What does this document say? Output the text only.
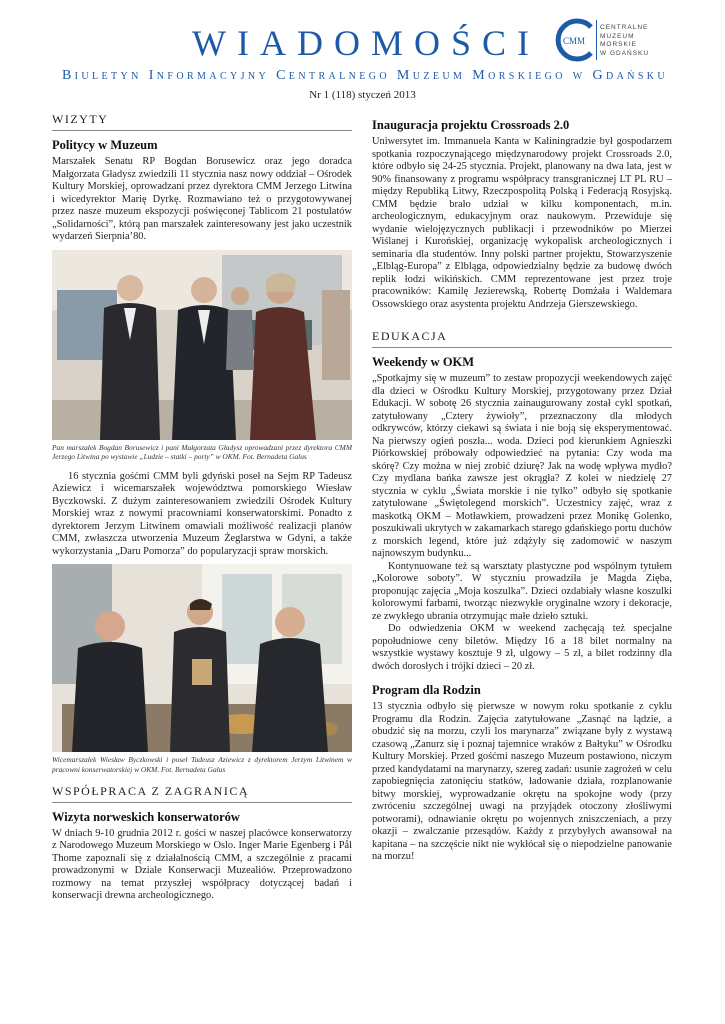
WIADOMOŚCI	CMM
CENTRALNE
MUZEUM
MORSKIE
W GDAŃSKU
Biuletyn Informacyjny Centralnego Muzeum Morskiego w Gdańsku
Nr 1 (118) styczeń 2013
WIZYTY
Politycy w Muzeum

Marszałek Senatu RP Bogdan Borusewicz oraz jego doradca Małgorzata Gładysz zwiedzili 11 stycznia nasz nowy oddział – Ośrodek Kultury Morskiej, oprowadzani przez dyrektora CMM Jerzego Litwina i wicedyrektor Marię Dyrkę. Rozmawiano też o przygotowywanej przez nasze muzeum ekspozycji poświęconej Tablicom 21 postulatów „Solidarności”, którą pan marszałek zainteresowany jest jako uczestnik wydarzeń Sierpnia’80.

Pan marszałek Bogdan Borusewicz i pani Małgorzata Gładysz oprowadzani przez dyrektora CMM Jerzego Litwina po wystawie „Ludzie – statki – porty” w OKM. Fot. Bernadeta Galus

16 stycznia gośćmi CMM byli gdyński poseł na Sejm RP Tadeusz Aziewicz i wicemarszałek województwa pomorskiego Wiesław Byczkowski. Z dużym zainteresowaniem zwiedzili Ośrodek Kultury Morskiej wraz z nowymi pracowniami konserwatorskimi. Ponadto z dyrektorem Jerzym Litwinem omawiali możliwość realizacji planów CMM, zwłaszcza utworzenia Muzeum Żeglarstwa w Gdyni, a także wykorzystania „Daru Pomorza” do popularyzacji spraw morskich.

Wicemarszałek Wiesław Byczkowski i poseł Tadeusz Aziewicz z dyrektorem Jerzym Litwinem w pracowni konserwatorskiej w OKM. Fot. Bernadeta Galus
WSPÓŁPRACA Z ZAGRANICĄ
Wizyta norweskich konserwatorów

W dniach 9-10 grudnia 2012 r. gości w naszej placówce konserwatorzy z Narodowego Muzeum Morskiego w Oslo. Inger Marie Egenberg i Pål Thome zapoznali się z działalnością CMM, a szczególnie z pracami prowadzonymi w Dziale Konserwacji Muzealiów. Przeprowadzono rozmowy na temat przyszłej współpracy dotyczącej badań i konserwacji drewna archeologicznego.

Inauguracja projektu Crossroads 2.0

Uniwersytet im. Immanuela Kanta w Kaliningradzie był gospodarzem spotkania rozpoczynającego międzynarodowy projekt Crossroads 2.0, które odbyło się 24-25 stycznia. Projekt, planowany na dwa lata, jest w 90% finansowany z programu współpracy transgranicznej LT PL RU – między Republiką Litwy, Rzeczpospolitą Polską i Federacją Rosyjską. CMM będzie brało udział w kilku komponentach, m.in. archeologicznym, edukacyjnym oraz naukowym. Przewiduje się wydanie wielojęzycznych publikacji i przewodników po Mierzei Wiślanej i Kurońskiej, organizację wykopalisk archeologicznych i seminaria dla studentów. Inny polski partner projektu, Stowarzyszenie „Elbląg-Europa” z Elbląga, odpowiedzialny będzie za budowę dwóch replik łodzi wikińskich. CMM reprezentowane jest przez troje pracowników: Kamilę Jezierewską, Robertę Domżała i Waldemara Ossowskiego oraz asystenta projektu Andrzeja Gierszewskiego.

EDUKACJA
Weekendy w OKM

„Spotkajmy się w muzeum” to zestaw propozycji weekendowych zajęć dla dzieci w Ośrodku Kultury Morskiej, przygotowany przez Dział Edukacji. W sobotę 26 stycznia zainaugurowany został cykl spotkań, zatytułowany „Cztery żywioły”, przeznaczony dla młodych odkrywców, którzy ciekawi są świata i nie boją się eksperymentować. Na pierwszy ogień poszła... woda. Dzieci pod kierunkiem Agnieszki Piórkowskiej próbowały odpowiedzieć na pytania: Czy woda ma skórę? Czy można w niej zrobić dziurę? Jak na wodę wpływa mydło? Czy mydlana bańka zawsze jest okrągła? Z kolei w niedzielę 27 stycznia w cyklu „Świata morskie i nie tylko” odbyło się spotkanie zatytułowane „Świętolegend morskich”. Uczestnicy zajęć, wraz z maskotką OKM – Motławkiem, prowadzeni przez Monikę Golenko, poszukiwali ukrytych w zakamarkach starego gdańskiego portu duchów z morskich legend, które już zdążyły się zadomowić w naszym najnowszym budynku...

Kontynuowane też są warsztaty plastyczne pod wspólnym tytułem „Kolorowe soboty”. W styczniu prowadziła je Magda Zięba, proponując zajęcia „Moja koszulka”. Dzieci ozdabiały własne koszulki kolorowymi farbami, tworząc niezwykłe oryginalne wzory i dekoracje, ze zwykłego ubrania otrzymując małe dzieło sztuki.

Do odwiedzenia OKM w weekend zachęcają też specjalne popołudniowe ceny biletów. Między 16 a 18 bilet normalny na wszystkie wystawy kosztuje 9 zł, ulgowy – 5 zł, a bilet rodzinny dla dwóch dorosłych i trójki dzieci – 20 zł.

Program dla Rodzin

13 stycznia odbyło się pierwsze w nowym roku spotkanie z cyklu Programu dla Rodzin. Zajęcia zatytułowane „Zasnąć na lądzie, a obudzić się na morzu, czyli los marynarza” związane były z wystawą czasową „Zanurz się i poznaj tajemnice wraków z Bałtyku” w Ośrodku Kultury Morskiej. Przed gośćmi naszego Muzeum postawiono, niczym przed kandydatami na marynarzy, szereg zadań: usunie zagrożeń w celu zapobiegnięcia zatonięciu statków, ładowanie działa, rozplanowanie bitwy morskiej, wyprowadzanie okrętu na spokojne wody (przy zwróceniu szczególnej uwagi na przyjądek otoczony złośliwymi potworami), odnawianie okrętu po wojennych zniszczeniach, a przy okazji – zwalczanie przesądów. Każdy z przybyłych awansował na kapitana – na szczęście nikt nie wykłócał się o niepodzielne panowanie na morzu!
